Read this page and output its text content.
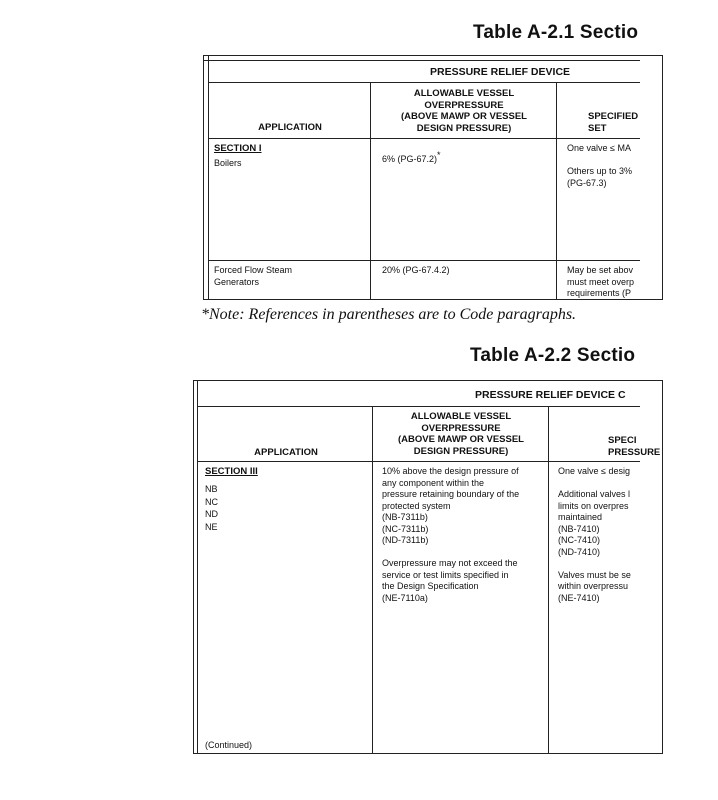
Table A-2.1 Sectio
PRESSURE RELIEF DEVICE
APPLICATION
ALLOWABLE VESSEL
OVERPRESSURE
(ABOVE MAWP OR VESSEL
DESIGN PRESSURE)
SPECIFIED
SET
SECTION I
Boilers	6% (PG-67.2)*
One valve ≤ MA

Others up to 3%
(PG-67.3)
Forced Flow Steam
Generators
20% (PG-67.4.2)	May be set abov
must meet overp
requirements (P
*Note: References in parentheses are to Code paragraphs.
Table A-2.2 Sectio
PRESSURE RELIEF DEVICE C
APPLICATION
ALLOWABLE VESSEL
OVERPRESSURE
(ABOVE MAWP OR VESSEL
DESIGN PRESSURE)
SPECI
PRESSURE
SECTION III
NB
NC
ND
NE
10% above the design pressure of
any component within the
pressure retaining boundary of the
protected system
(NB-7311b)
(NC-7311b)
(ND-7311b)

Overpressure may not exceed the
service or test limits specified in
the Design Specification
(NE-7110a)
One valve ≤ desig

Additional valves l
limits on overpres
maintained
(NB-7410)
(NC-7410)
(ND-7410)

Valves must be se
within overpressu
(NE-7410)
(Continued)
